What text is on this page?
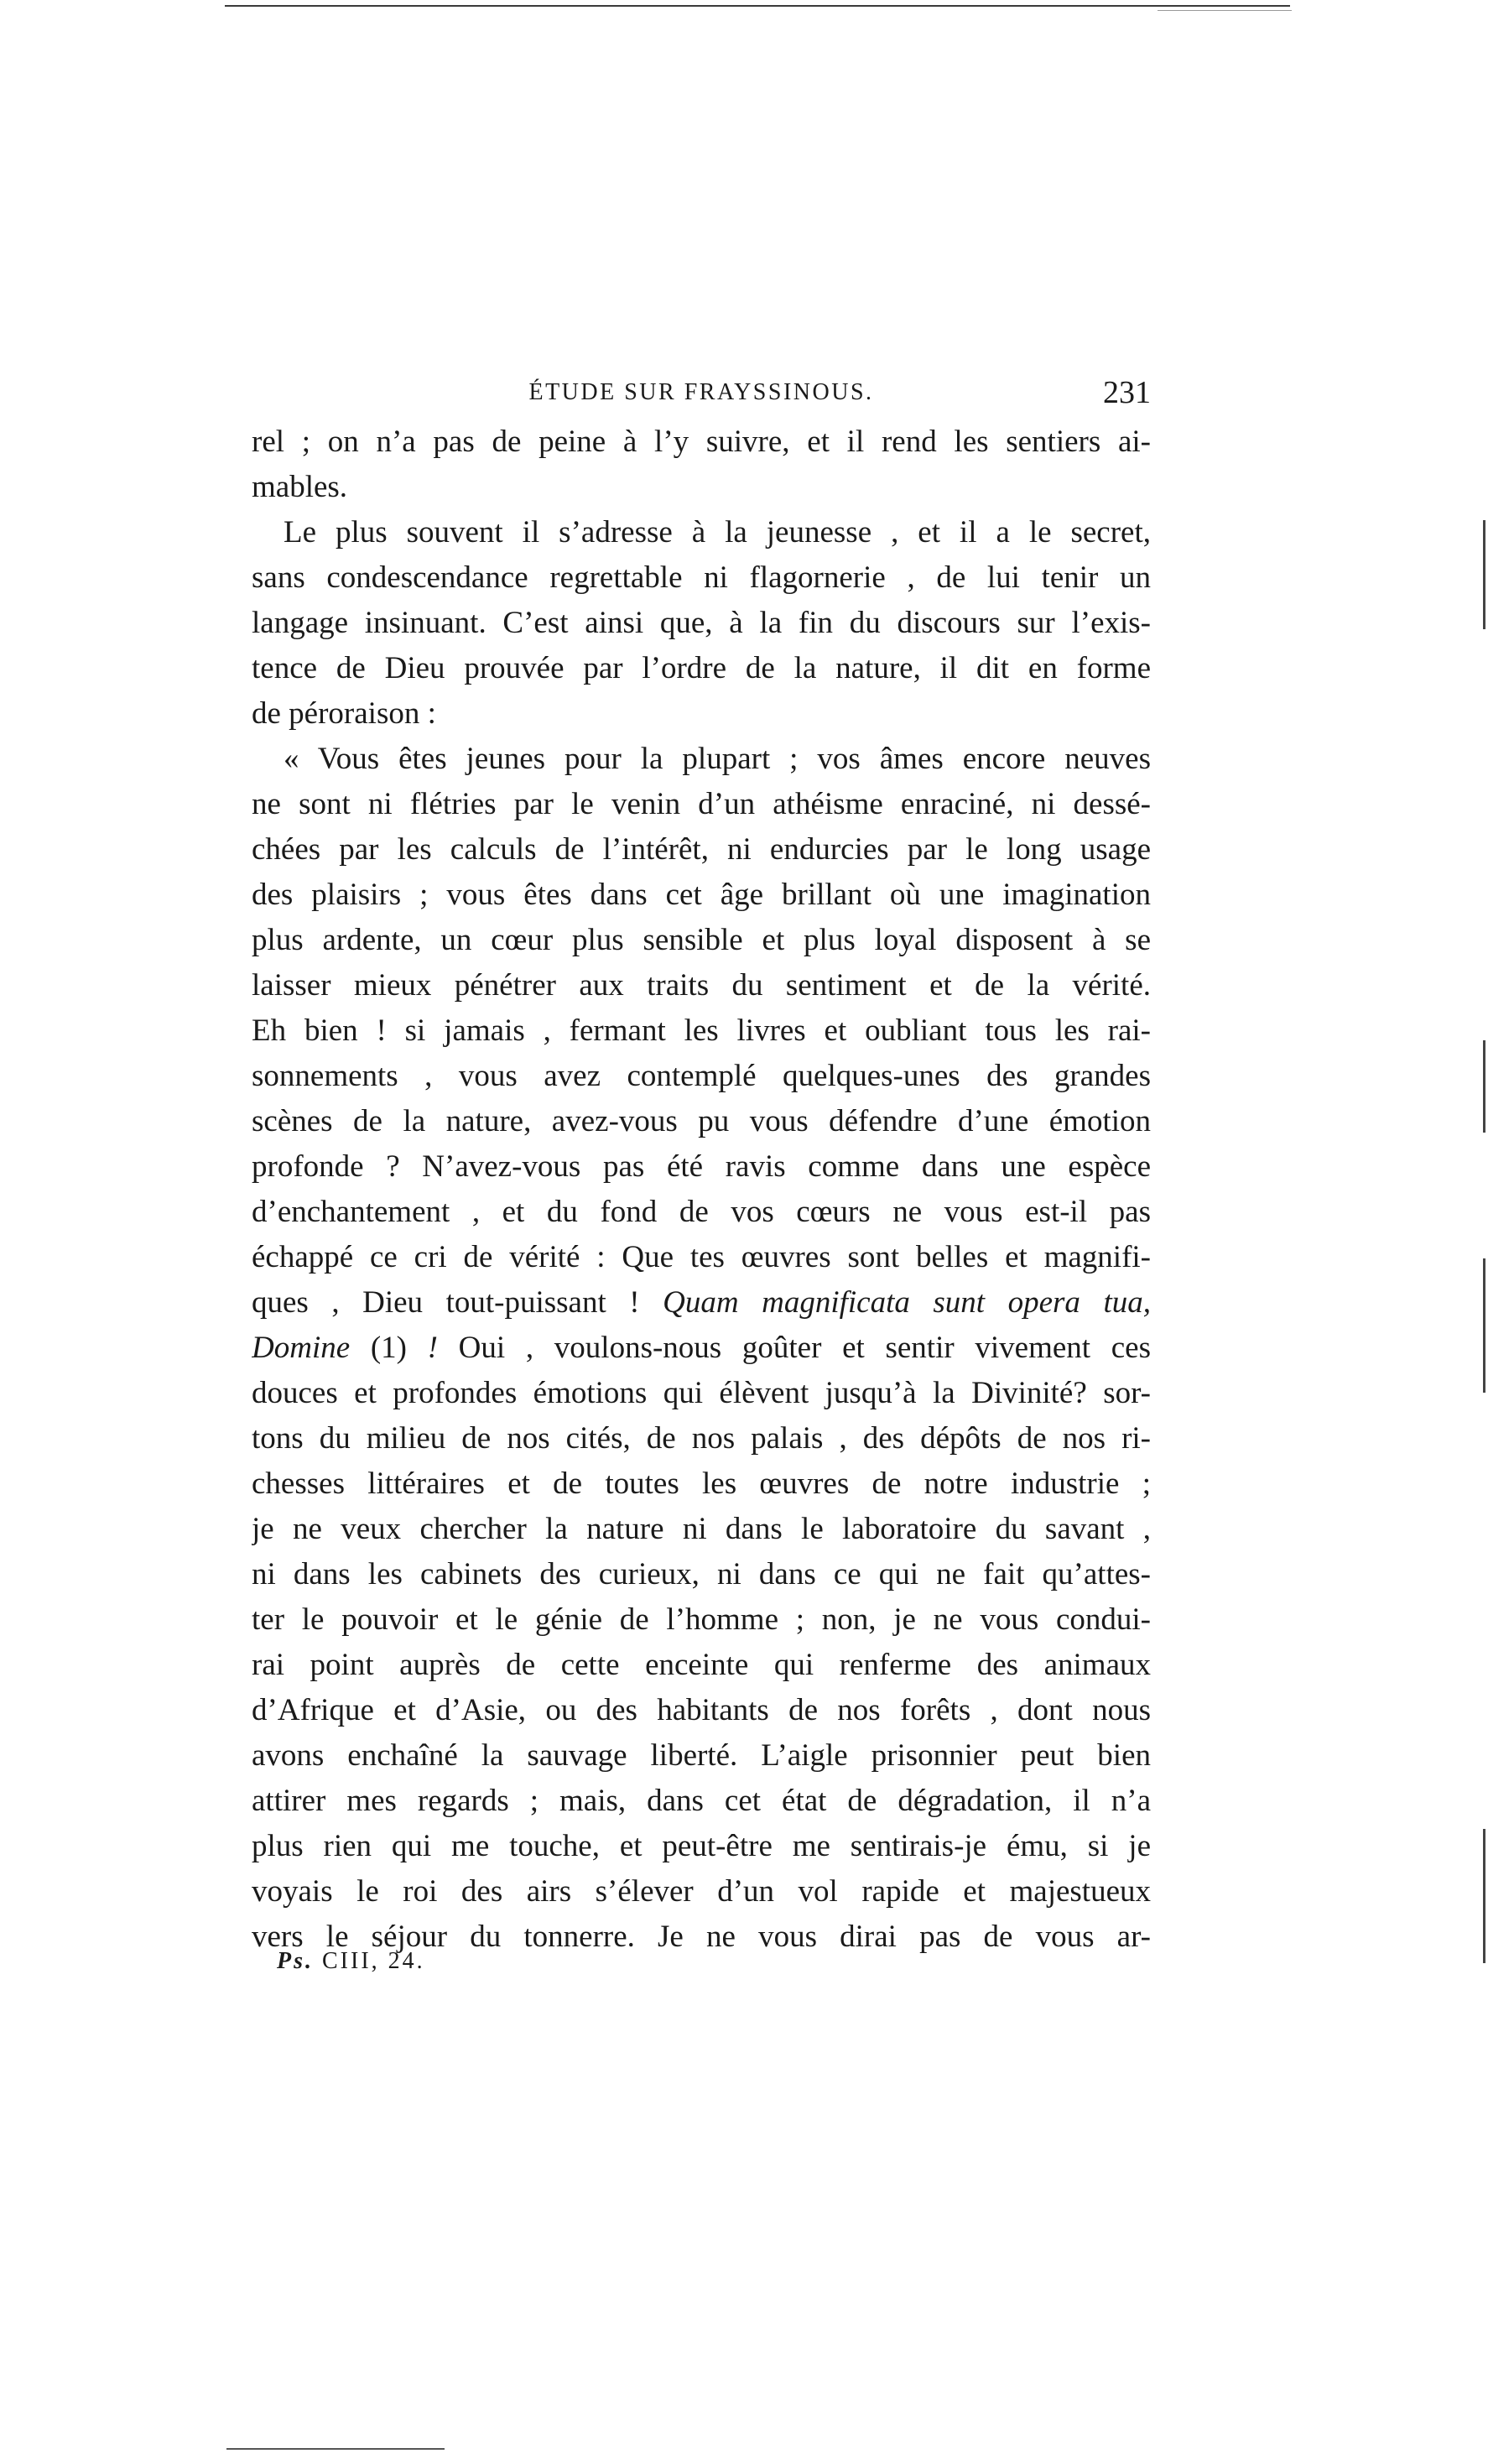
ÉTUDE SUR FRAYSSINOUS.	231
rel ; on n’a pas de peine à l’y suivre, et il rend les sentiers ai-
mables.
Le plus souvent il s’adresse à la jeunesse , et il a le secret,
sans condescendance regrettable ni flagornerie , de lui tenir un
langage insinuant. C’est ainsi que, à la fin du discours sur l’exis-
tence de Dieu prouvée par l’ordre de la nature, il dit en forme
de péroraison :
« Vous êtes jeunes pour la plupart ; vos âmes encore neuves
ne sont ni flétries par le venin d’un athéisme enraciné, ni dessé-
chées par les calculs de l’intérêt, ni endurcies par le long usage
des plaisirs ; vous êtes dans cet âge brillant où une imagination
plus ardente, un cœur plus sensible et plus loyal disposent à se
laisser mieux pénétrer aux traits du sentiment et de la vérité.
Eh bien ! si jamais , fermant les livres et oubliant tous les rai-
sonnements , vous avez contemplé quelques-unes des grandes
scènes de la nature, avez-vous pu vous défendre d’une émotion
profonde ? N’avez-vous pas été ravis comme dans une espèce
d’enchantement , et du fond de vos cœurs ne vous est-il pas
échappé ce cri de vérité : Que tes œuvres sont belles et magnifi-
ques , Dieu tout-puissant ! Quam magnificata sunt opera tua,
Domine (1) ! Oui , voulons-nous goûter et sentir vivement ces
douces et profondes émotions qui élèvent jusqu’à la Divinité? sor-
tons du milieu de nos cités, de nos palais , des dépôts de nos ri-
chesses littéraires et de toutes les œuvres de notre industrie ;
je ne veux chercher la nature ni dans le laboratoire du savant ,
ni dans les cabinets des curieux, ni dans ce qui ne fait qu’attes-
ter le pouvoir et le génie de l’homme ; non, je ne vous condui-
rai point auprès de cette enceinte qui renferme des animaux
d’Afrique et d’Asie, ou des habitants de nos forêts , dont nous
avons enchaîné la sauvage liberté. L’aigle prisonnier peut bien
attirer mes regards ; mais, dans cet état de dégradation, il n’a
plus rien qui me touche, et peut-être me sentirais-je ému, si je
voyais le roi des airs s’élever d’un vol rapide et majestueux
vers le séjour du tonnerre. Je ne vous dirai pas de vous ar-
Ps. CIII, 24.
